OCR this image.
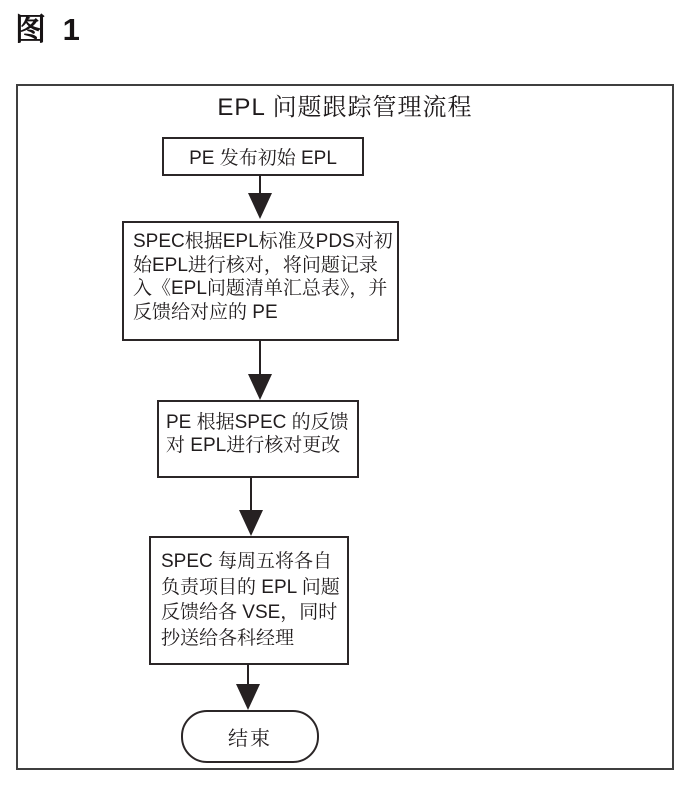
图 1
EPL 问题跟踪管理流程
PE 发布初始 EPL
SPEC根据EPL标准及PDS对初
始EPL进行核对，将问题记录
入《EPL问题清单汇总表》，并
反馈给对应的 PE
PE 根据SPEC 的反馈
对 EPL进行核对更改
SPEC 每周五将各自
负责项目的 EPL 问题
反馈给各 VSE，同时
抄送给各科经理
结束
